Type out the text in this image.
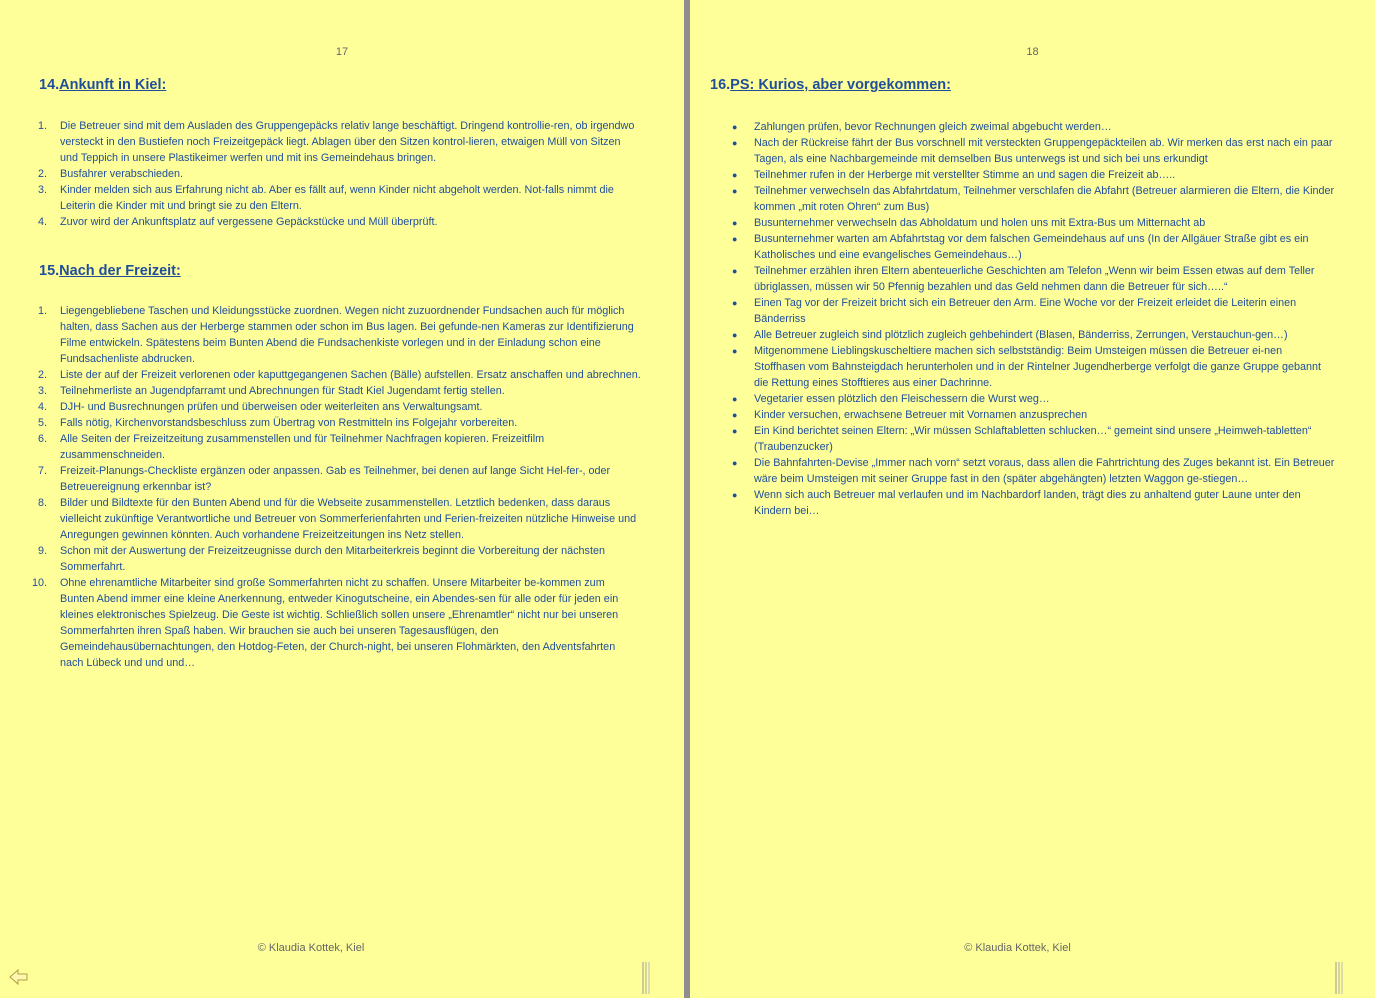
17
14.Ankunft in Kiel:
1. Die Betreuer sind mit dem Ausladen des Gruppengepäcks relativ lange beschäftigt. Dringend kontrollie-ren, ob irgendwo versteckt in den Bustiefen noch Freizeitgepäck liegt. Ablagen über den Sitzen kontrol-lieren, etwaigen Müll von Sitzen und Teppich in unsere Plastikeimer werfen und mit ins Gemeindehaus bringen.
2. Busfahrer verabschieden.
3. Kinder melden sich aus Erfahrung nicht ab. Aber es fällt auf, wenn Kinder nicht abgeholt werden. Not-falls nimmt die Leiterin die Kinder mit und bringt sie zu den Eltern.
4. Zuvor wird der Ankunftsplatz auf vergessene Gepäckstücke und Müll überprüft.
15.Nach der Freizeit:
1. Liegengebliebene Taschen und Kleidungsstücke zuordnen. Wegen nicht zuzuordnender Fundsachen auch für möglich halten, dass Sachen aus der Herberge stammen oder schon im Bus lagen. Bei gefunde-nen Kameras zur Identifizierung Filme entwickeln. Spätestens beim Bunten Abend die Fundsachenkiste vorlegen und in der Einladung schon eine Fundsachenliste abdrucken.
2. Liste der auf der Freizeit verlorenen oder kaputtgegangenen Sachen (Bälle) aufstellen. Ersatz anschaffen und abrechnen.
3. Teilnehmerliste an Jugendpfarramt und Abrechnungen für Stadt Kiel Jugendamt fertig stellen.
4. DJH- und Busrechnungen prüfen und überweisen oder weiterleiten ans Verwaltungsamt.
5. Falls nötig, Kirchenvorstandsbeschluss zum Übertrag von Restmitteln ins Folgejahr vorbereiten.
6. Alle Seiten der Freizeitzeitung zusammenstellen und für Teilnehmer Nachfragen kopieren. Freizeitfilm zusammenschneiden.
7. Freizeit-Planungs-Checkliste ergänzen oder anpassen. Gab es Teilnehmer, bei denen auf lange Sicht Hel-fer-, oder Betreuereignung erkennbar ist?
8. Bilder und Bildtexte für den Bunten Abend und für die Webseite zusammenstellen. Letztlich bedenken, dass daraus vielleicht zukünftige Verantwortliche und Betreuer von Sommerferienfahrten und Ferien-freizeiten nützliche Hinweise und Anregungen gewinnen könnten. Auch vorhandene Freizeitzeitungen ins Netz stellen.
9. Schon mit der Auswertung der Freizeitzeugnisse durch den Mitarbeiterkreis beginnt die Vorbereitung der nächsten Sommerfahrt.
10. Ohne ehrenamtliche Mitarbeiter sind große Sommerfahrten nicht zu schaffen. Unsere Mitarbeiter be-kommen zum Bunten Abend immer eine kleine Anerkennung, entweder Kinogutscheine, ein Abendes-sen für alle oder für jeden ein kleines elektronisches Spielzeug. Die Geste ist wichtig. Schließlich sollen unsere „Ehrenamtler“ nicht nur bei unseren Sommerfahrten ihren Spaß haben. Wir brauchen sie auch bei unseren Tagesausflügen, den Gemeindehausübernachtungen, den Hotdog-Feten, der Church-night, bei unseren Flohmärkten, den Adventsfahrten nach Lübeck und und und…
© Klaudia Kottek, Kiel
18
16.PS: Kurios, aber vorgekommen:
● Zahlungen prüfen, bevor Rechnungen gleich zweimal abgebucht werden…
● Nach der Rückreise fährt der Bus vorschnell mit versteckten Gruppengepäckteilen ab. Wir merken das erst nach ein paar Tagen, als eine Nachbargemeinde mit demselben Bus unterwegs ist und sich bei uns erkundigt
● Teilnehmer rufen in der Herberge mit verstellter Stimme an und sagen die Freizeit ab…..
● Teilnehmer verwechseln das Abfahrtdatum, Teilnehmer verschlafen die Abfahrt (Betreuer alarmieren die Eltern, die Kinder kommen „mit roten Ohren“ zum Bus)
● Busunternehmer verwechseln das Abholdatum und holen uns mit Extra-Bus um Mitternacht ab
● Busunternehmer warten am Abfahrtstag vor dem falschen Gemeindehaus auf uns (In der Allgäuer Straße gibt es ein Katholisches und eine evangelisches Gemeindehaus…)
● Teilnehmer erzählen ihren Eltern abenteuerliche Geschichten am Telefon „Wenn wir beim Essen etwas auf dem Teller übriglassen, müssen wir 50 Pfennig bezahlen und das Geld nehmen dann die Betreuer für sich…..“
● Einen Tag vor der Freizeit bricht sich ein Betreuer den Arm. Eine Woche vor der Freizeit erleidet die Leiterin einen Bänderriss
● Alle Betreuer zugleich sind plötzlich zugleich gehbehindert (Blasen, Bänderriss, Zerrungen, Verstauchun-gen…)
● Mitgenommene Lieblingskuscheltiere machen sich selbstständig: Beim Umsteigen müssen die Betreuer ei-nen Stoffhasen vom Bahnsteigdach herunterholen und in der Rintelner Jugendherberge verfolgt die ganze Gruppe gebannt die Rettung eines Stofftieres aus einer Dachrinne.
● Vegetarier essen plötzlich den Fleischessern die Wurst weg…
● Kinder versuchen, erwachsene Betreuer mit Vornamen anzusprechen
● Ein Kind berichtet seinen Eltern: „Wir müssen Schlaftabletten schlucken…“ gemeint sind unsere „Heimweh-tabletten“ (Traubenzucker)
● Die Bahnfahrten-Devise „Immer nach vorn“ setzt voraus, dass allen die Fahrtrichtung des Zuges bekannt ist. Ein Betreuer wäre beim Umsteigen mit seiner Gruppe fast in den (später abgehängten) letzten Waggon ge-stiegen…
● Wenn sich auch Betreuer mal verlaufen und im Nachbardorf landen, trägt dies zu anhaltend guter Laune unter den Kindern bei…
© Klaudia Kottek, Kiel
